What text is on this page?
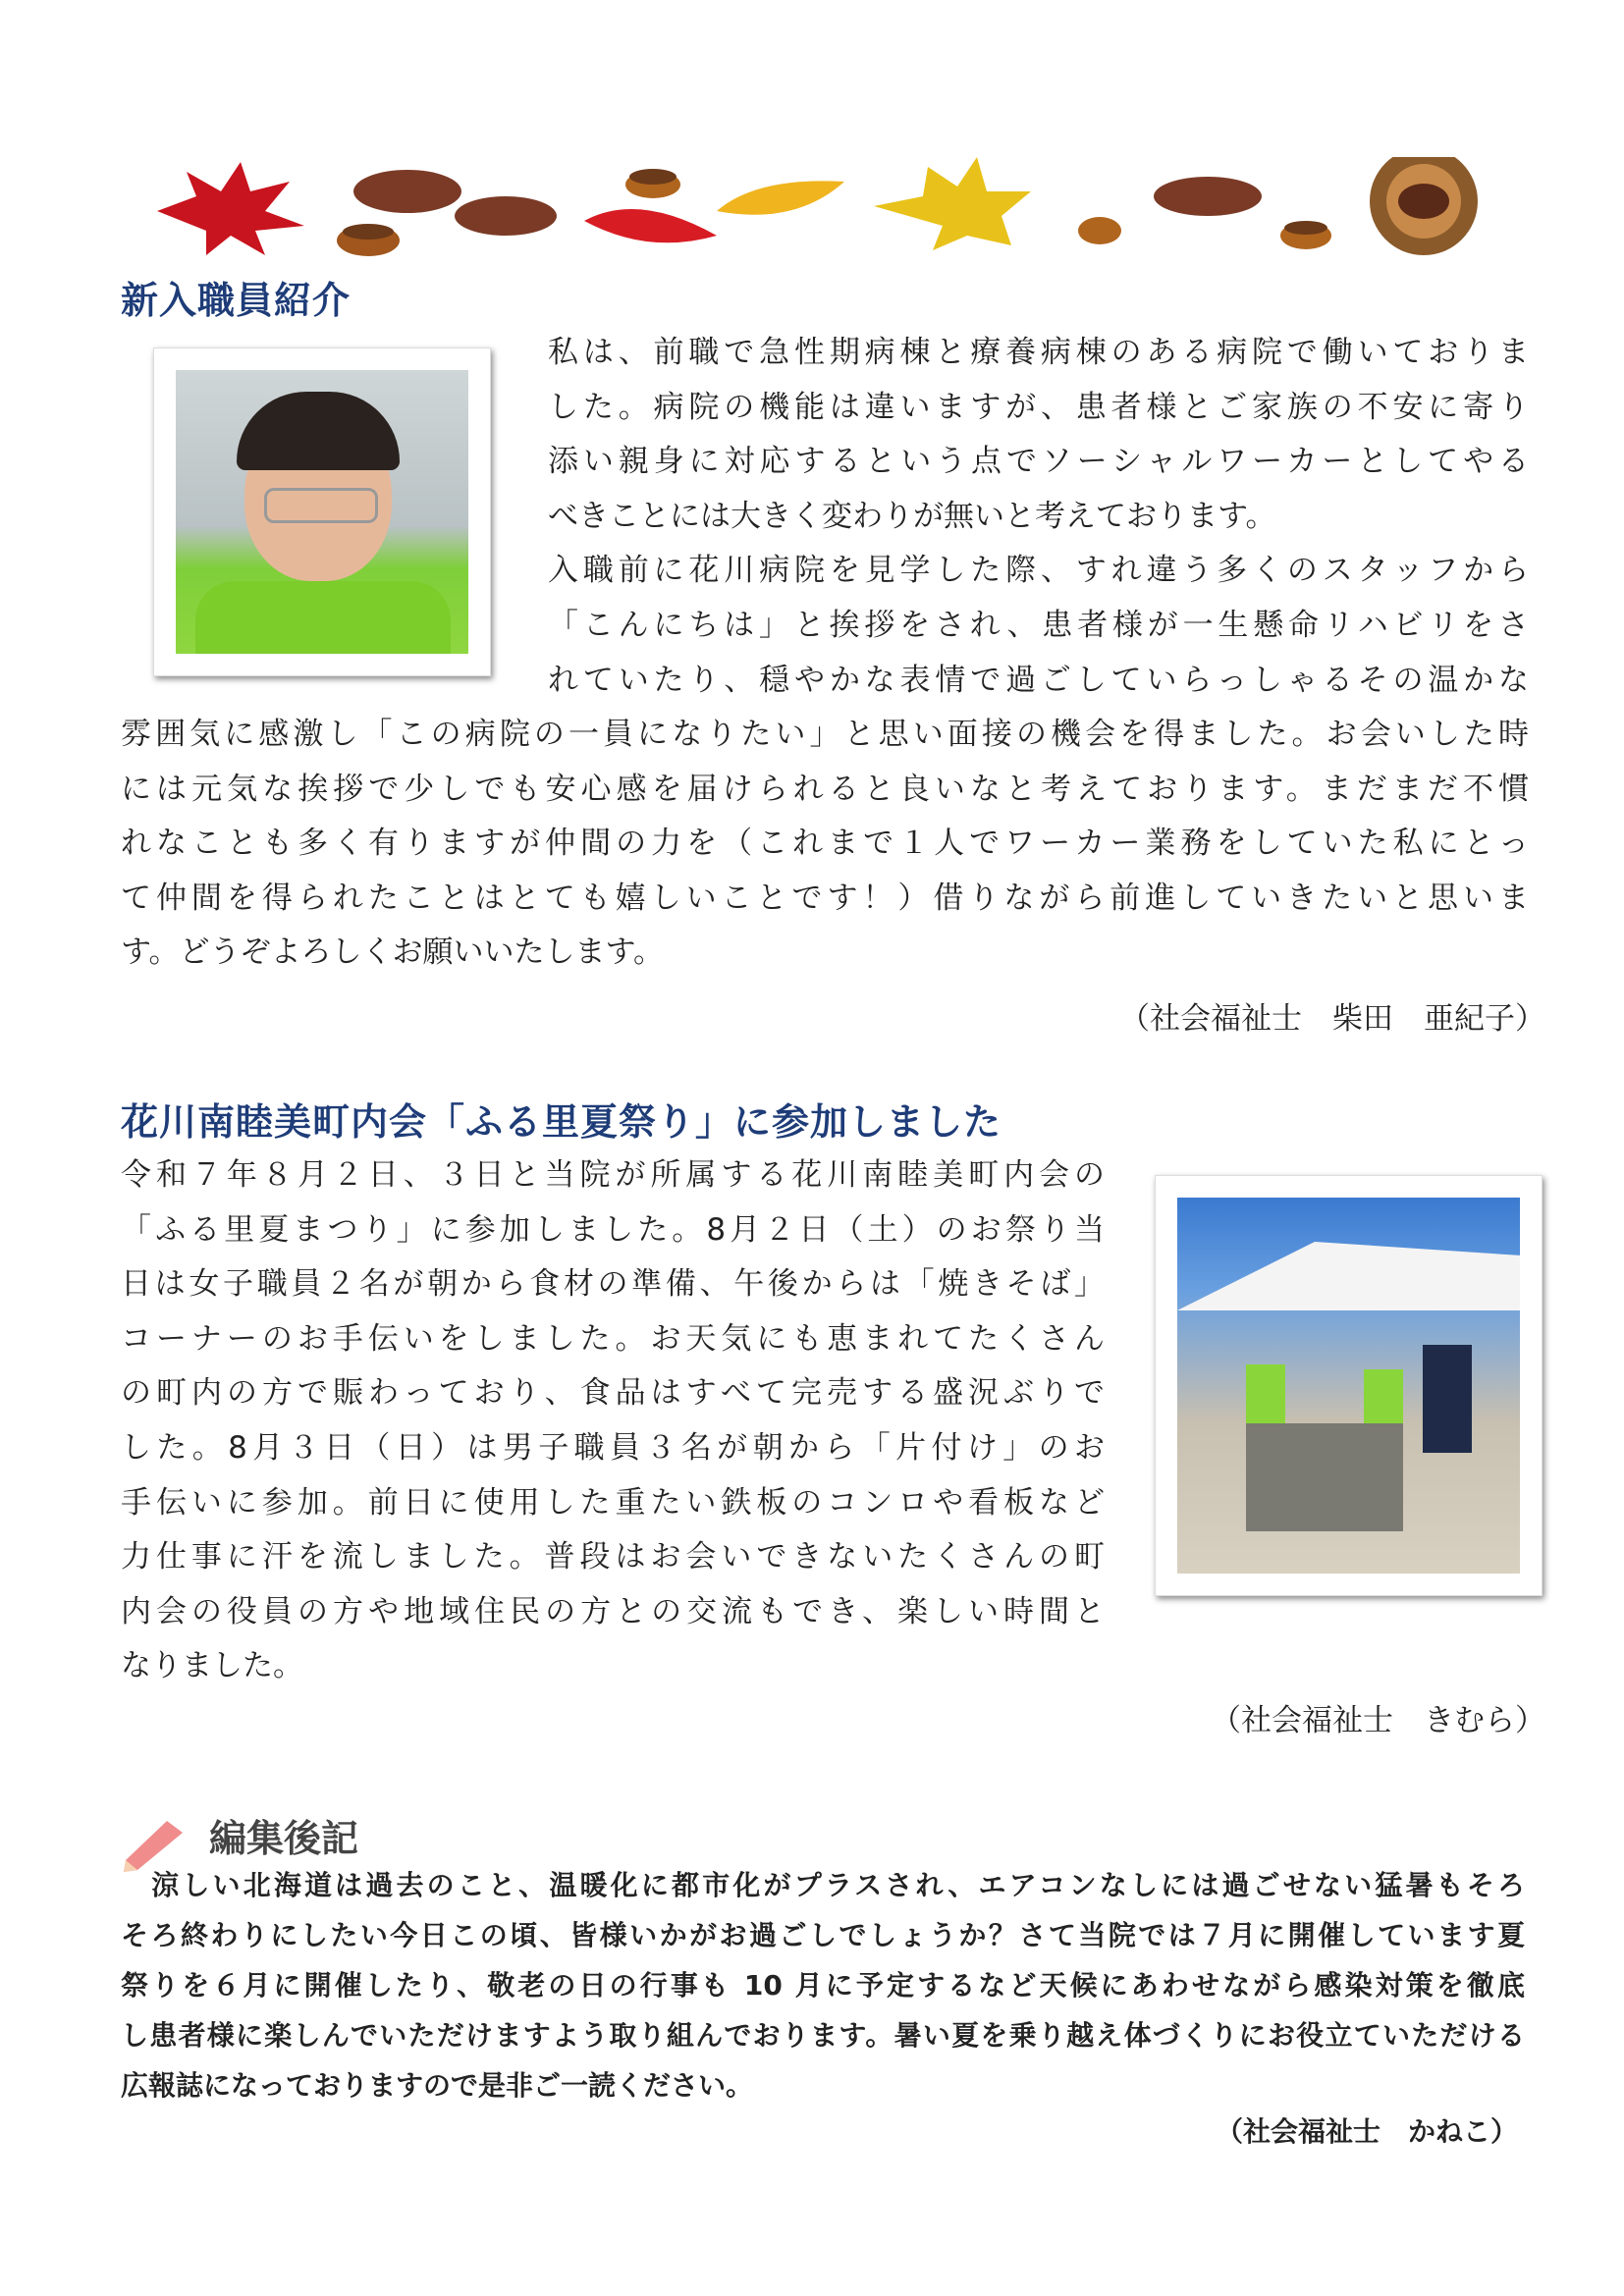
新入職員紹介
私は、前職で急性期病棟と療養病棟のある病院で働いておりま
した。病院の機能は違いますが、患者様とご家族の不安に寄り
添い親身に対応するという点でソーシャルワーカーとしてやる
べきことには大きく変わりが無いと考えております。
入職前に花川病院を見学した際、すれ違う多くのスタッフから
「こんにちは」と挨拶をされ、患者様が一生懸命リハビリをさ
れていたり、穏やかな表情で過ごしていらっしゃるその温かな
雰囲気に感激し「この病院の一員になりたい」と思い面接の機会を得ました。お会いした時
には元気な挨拶で少しでも安心感を届けられると良いなと考えております。まだまだ不慣
れなことも多く有りますが仲間の力を（これまで１人でワーカー業務をしていた私にとっ
て仲間を得られたことはとても嬉しいことです！）借りながら前進していきたいと思いま
す。どうぞよろしくお願いいたします。
（社会福祉士　柴田　亜紀子）
花川南睦美町内会「ふる里夏祭り」に参加しました
令和７年８月２日、３日と当院が所属する花川南睦美町内会の
「ふる里夏まつり」に参加しました。8月２日（土）のお祭り当
日は女子職員２名が朝から食材の準備、午後からは「焼きそば」
コーナーのお手伝いをしました。お天気にも恵まれてたくさん
の町内の方で賑わっており、食品はすべて完売する盛況ぶりで
した。8月３日（日）は男子職員３名が朝から「片付け」のお
手伝いに参加。前日に使用した重たい鉄板のコンロや看板など
力仕事に汗を流しました。普段はお会いできないたくさんの町
内会の役員の方や地域住民の方との交流もでき、楽しい時間と
なりました。
（社会福祉士　きむら）
編集後記
　涼しい北海道は過去のこと、温暖化に都市化がプラスされ、エアコンなしには過ごせない猛暑もそろ
そろ終わりにしたい今日この頃、皆様いかがお過ごしでしょうか？さて当院では７月に開催しています夏
祭りを６月に開催したり、敬老の日の行事も 10 月に予定するなど天候にあわせながら感染対策を徹底
し患者様に楽しんでいただけますよう取り組んでおります。暑い夏を乗り越え体づくりにお役立ていただける
広報誌になっておりますので是非ご一読ください。
（社会福祉士　かねこ）
